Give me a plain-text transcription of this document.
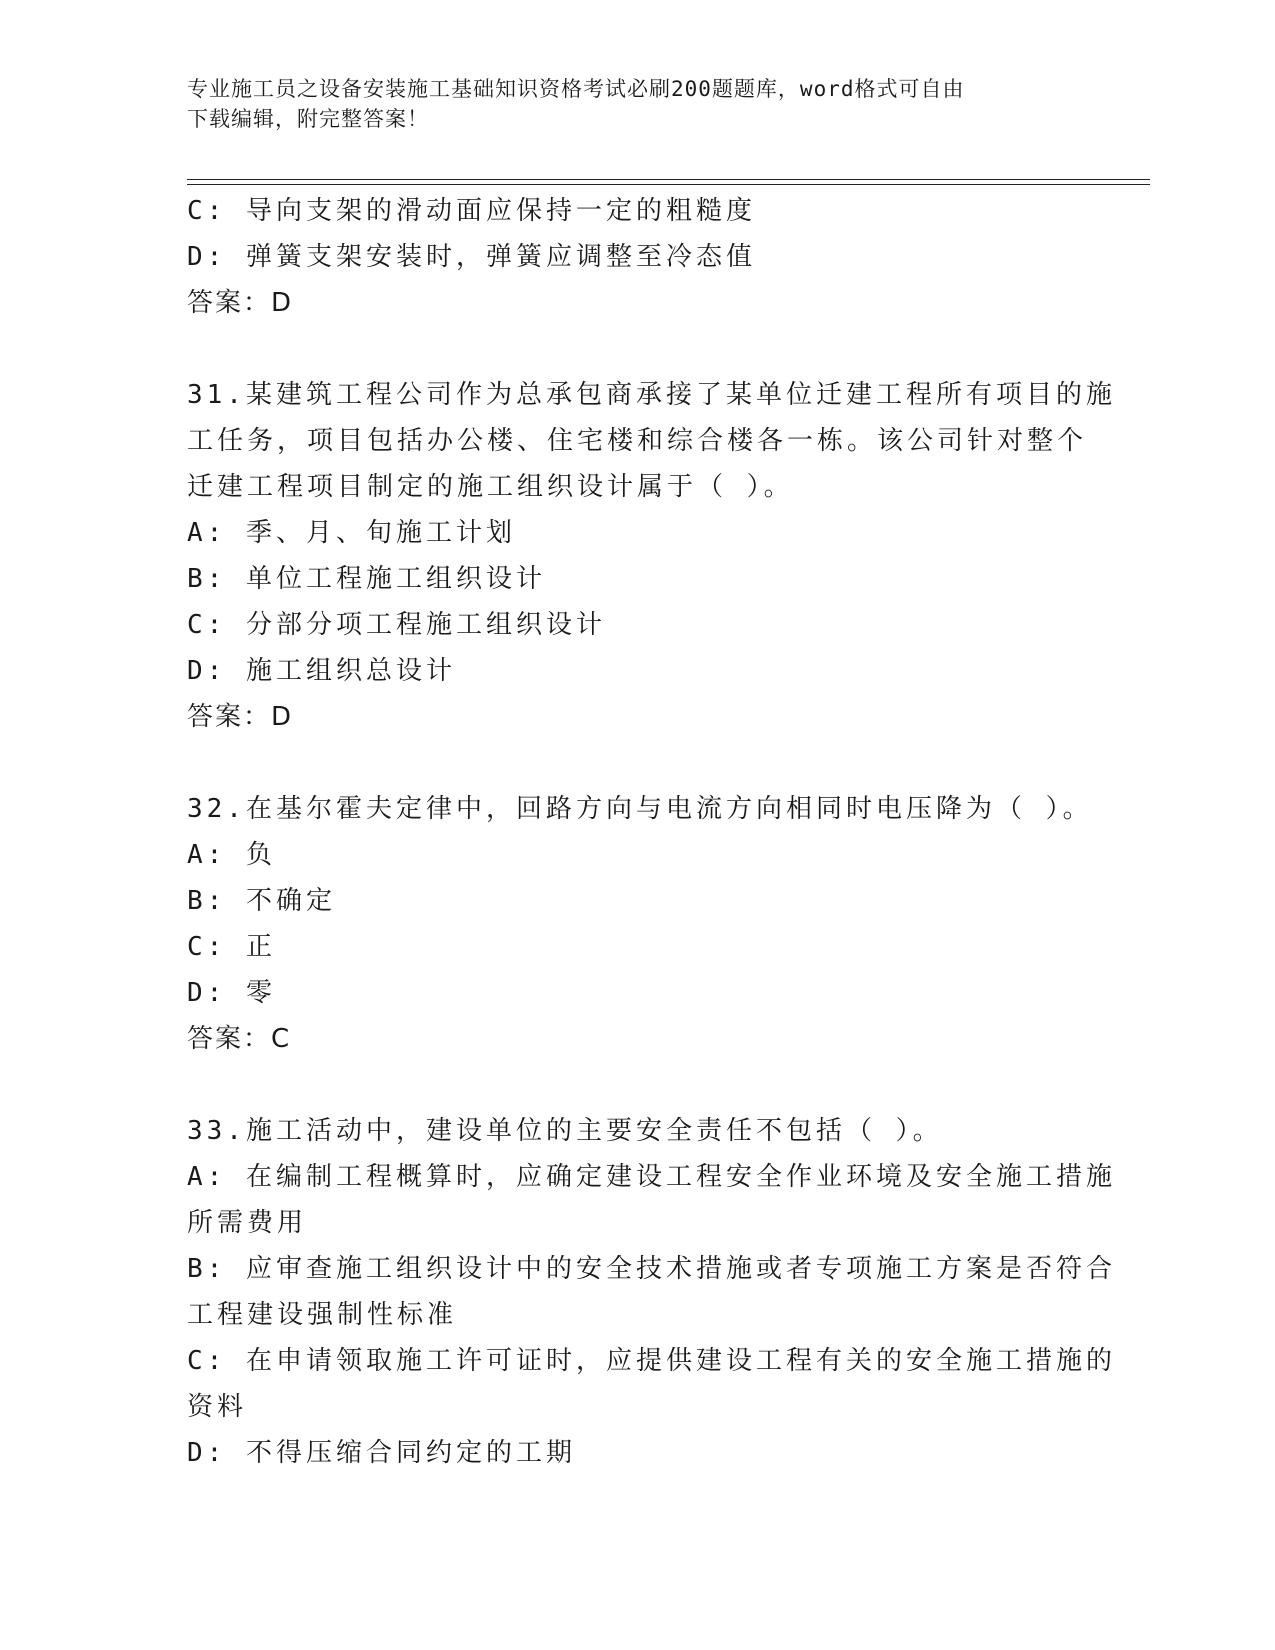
专业施工员之设备安装施工基础知识资格考试必刷200题题库，word格式可自由
下载编辑，附完整答案！
C: 导向支架的滑动面应保持一定的粗糙度
D: 弹簧支架安装时，弹簧应调整至冷态值
答案：D
31.某建筑工程公司作为总承包商承接了某单位迁建工程所有项目的施
工任务，项目包括办公楼、住宅楼和综合楼各一栋。该公司针对整个
迁建工程项目制定的施工组织设计属于（ ）。
A: 季、月、旬施工计划
B: 单位工程施工组织设计
C: 分部分项工程施工组织设计
D: 施工组织总设计
答案：D
32.在基尔霍夫定律中，回路方向与电流方向相同时电压降为（ ）。
A: 负
B: 不确定
C: 正
D: 零
答案：C
33.施工活动中，建设单位的主要安全责任不包括（ ）。
A: 在编制工程概算时，应确定建设工程安全作业环境及安全施工措施
所需费用
B: 应审查施工组织设计中的安全技术措施或者专项施工方案是否符合
工程建设强制性标准
C: 在申请领取施工许可证时，应提供建设工程有关的安全施工措施的
资料
D: 不得压缩合同约定的工期
